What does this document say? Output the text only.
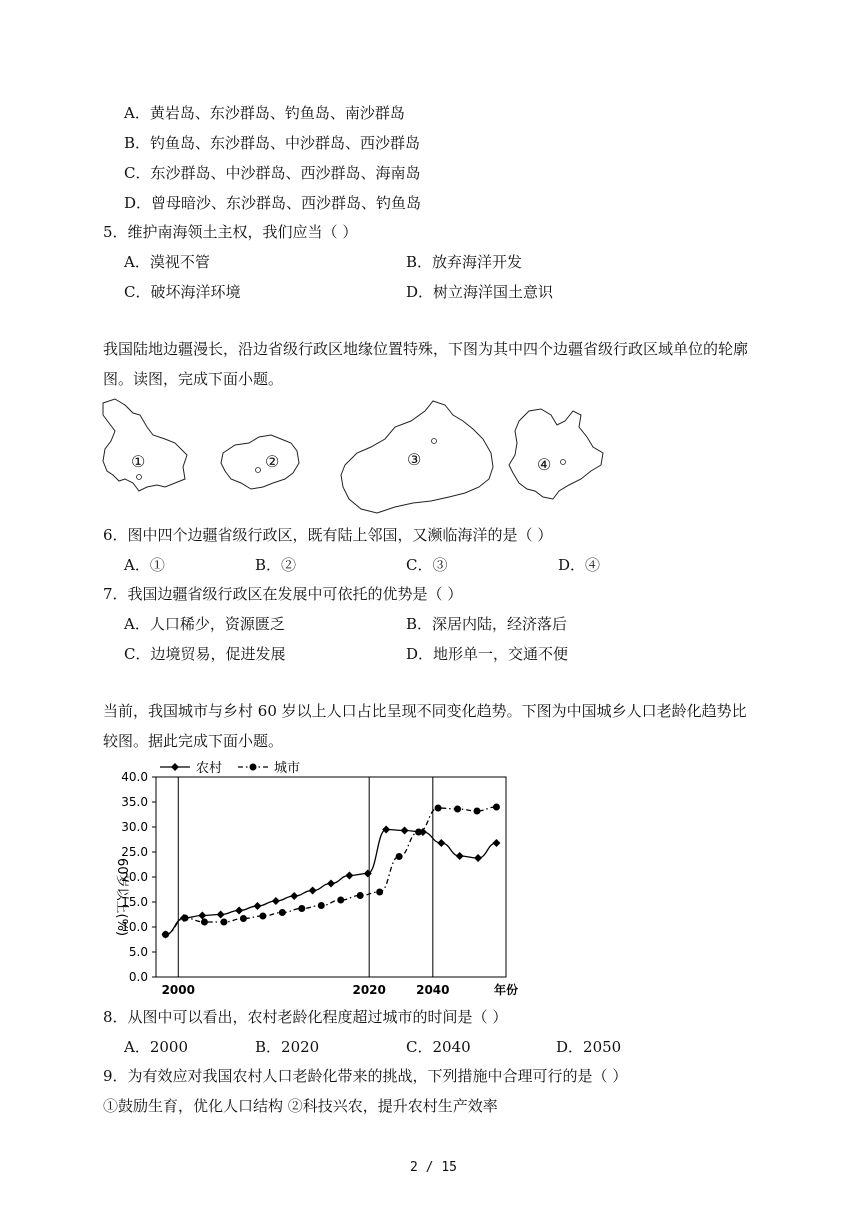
A．黄岩岛、东沙群岛、钓鱼岛、南沙群岛
B．钓鱼岛、东沙群岛、中沙群岛、西沙群岛
C．东沙群岛、中沙群岛、西沙群岛、海南岛
D．曾母暗沙、东沙群岛、西沙群岛、钓鱼岛
5．维护南海领土主权，我们应当（ ）
A．漠视不管	B．放弃海洋开发
C．破坏海洋环境	D．树立海洋国土意识
我国陆地边疆漫长，沿边省级行政区地缘位置特殊，下图为其中四个边疆省级行政区域单位的轮廓
图。读图，完成下面小题。
①	②	③	④
6．图中四个边疆省级行政区，既有陆上邻国，又濒临海洋的是（ ）
A．①	B．②	C．③	D．④
7．我国边疆省级行政区在发展中可依托的优势是（ ）
A．人口稀少，资源匮乏	B．深居内陆，经济落后
C．边境贸易，促进发展	D．地形单一，交通不便
当前，我国城市与乡村 60 岁以上人口占比呈现不同变化趋势。下图为中国城乡人口老龄化趋势比
较图。据此完成下面小题。
农村	城市
0.0
5.0
10.0
15.0
20.0
25.0
30.0
35.0
40.0
2000	2020	2040	年份
60岁以上(%)
8．从图中可以看出，农村老龄化程度超过城市的时间是（ ）
A．2000	B．2020	C．2040	D．2050
9．为有效应对我国农村人口老龄化带来的挑战，下列措施中合理可行的是（ ）
①鼓励生育，优化人口结构 ②科技兴农，提升农村生产效率
2 / 15
